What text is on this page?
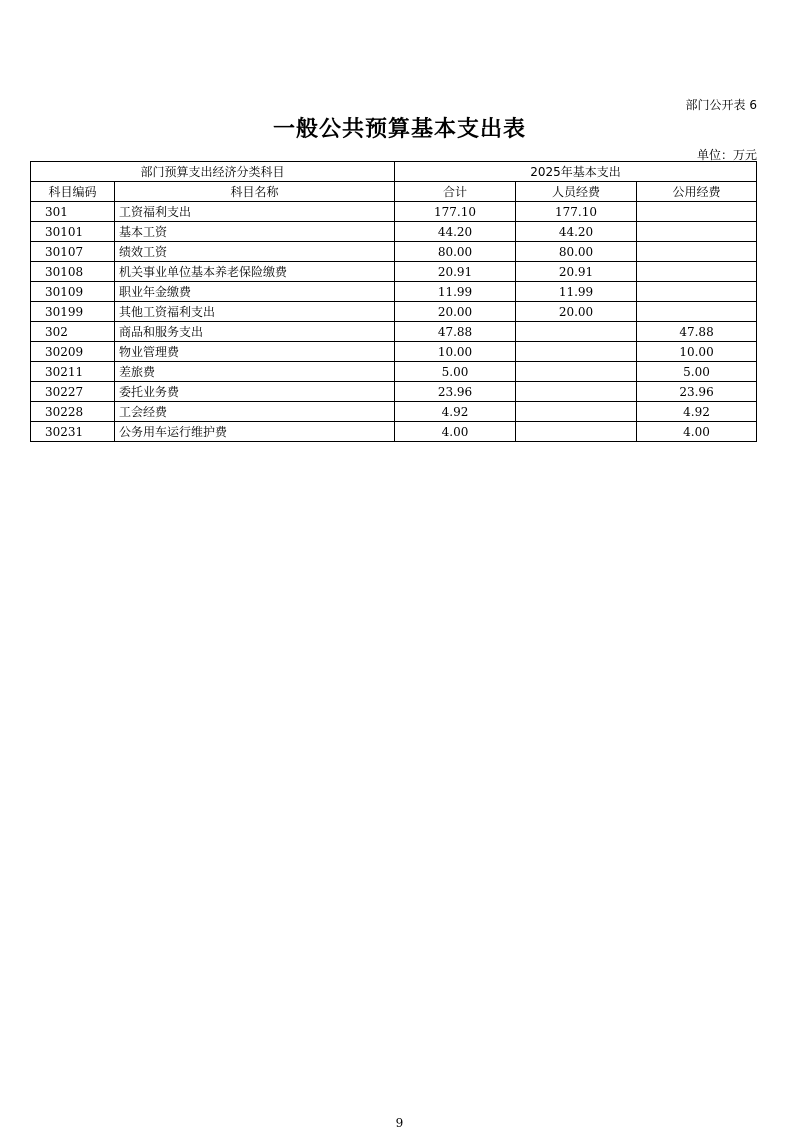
部门公开表 6
一般公共预算基本支出表
单位：万元
部门预算支出经济分类科目		2025年基本支出		
科目编码	科目名称	合计	人员经费	公用经费
301	工资福利支出	177.10	177.10	
30101	基本工资	44.20	44.20	
30107	绩效工资	80.00	80.00	
30108	机关事业单位基本养老保险缴费	20.91	20.91	
30109	职业年金缴费	11.99	11.99	
30199	其他工资福利支出	20.00	20.00	
302	商品和服务支出	47.88		47.88
30209	物业管理费	10.00		10.00
30211	差旅费	5.00		5.00
30227	委托业务费	23.96		23.96
30228	工会经费	4.92		4.92
30231	公务用车运行维护费	4.00		4.00
9
